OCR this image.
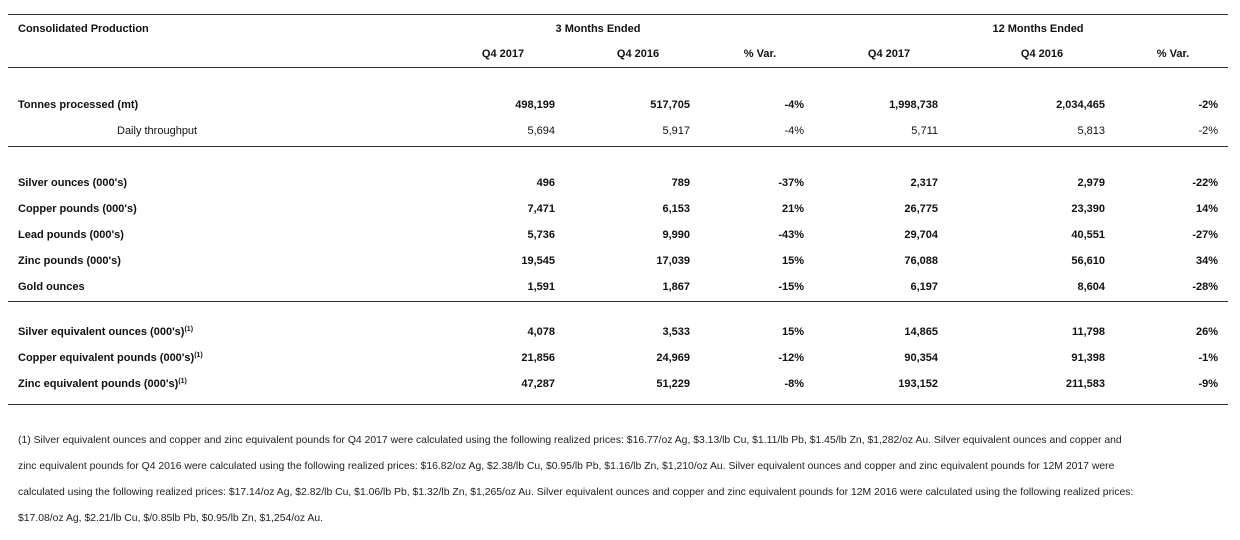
Consolidated Production	3 Months Ended	12 Months Ended
Q4 2017	Q4 2016	% Var.	Q4 2017	Q4 2016	% Var.
Tonnes processed (mt)	498,199	517,705	-4%	1,998,738	2,034,465	-2%
Daily throughput	5,694	5,917	-4%	5,711	5,813	-2%
Silver ounces (000's)	496	789	-37%	2,317	2,979	-22%
Copper pounds (000's)	7,471	6,153	21%	26,775	23,390	14%
Lead pounds (000's)	5,736	9,990	-43%	29,704	40,551	-27%
Zinc pounds (000's)	19,545	17,039	15%	76,088	56,610	34%
Gold ounces	1,591	1,867	-15%	6,197	8,604	-28%
Silver equivalent ounces $(000's)^{(1)}$	4,078	3,533	15%	14,865	11,798	26%
Copper equivalent pounds $(000's)^{(1)}$	21,856	24,969	-12%	90,354	91,398	-1%
Zinc equivalent pounds $(000's)^{(1)}$	47,287	51,229	-8%	193,152	211,583	-9%
(1) Silver equivalent ounces and copper and zinc equivalent pounds for Q4 2017 were calculated using the following realized prices: $16.77/oz Ag, $3.13/lb Cu, $1.11/lb Pb, $1.45/lb Zn, $1,282/oz Au. Silver equivalent ounces and copper and
zinc equivalent pounds for Q4 2016 were calculated using the following realized prices: $16.82/oz Ag, $2.38/lb Cu, $0.95/lb Pb, $1.16/lb Zn, $1,210/oz Au. Silver equivalent ounces and copper and zinc equivalent pounds for 12M 2017 were
calculated using the following realized prices: $17.14/oz Ag, $2.82/lb Cu, $1.06/lb Pb, $1.32/lb Zn, $1,265/oz Au. Silver equivalent ounces and copper and zinc equivalent pounds for 12M 2016 were calculated using the following realized prices:
$17.08/oz Ag, $2.21/lb Cu, $/0.85lb Pb, $0.95/lb Zn, $1,254/oz Au.
